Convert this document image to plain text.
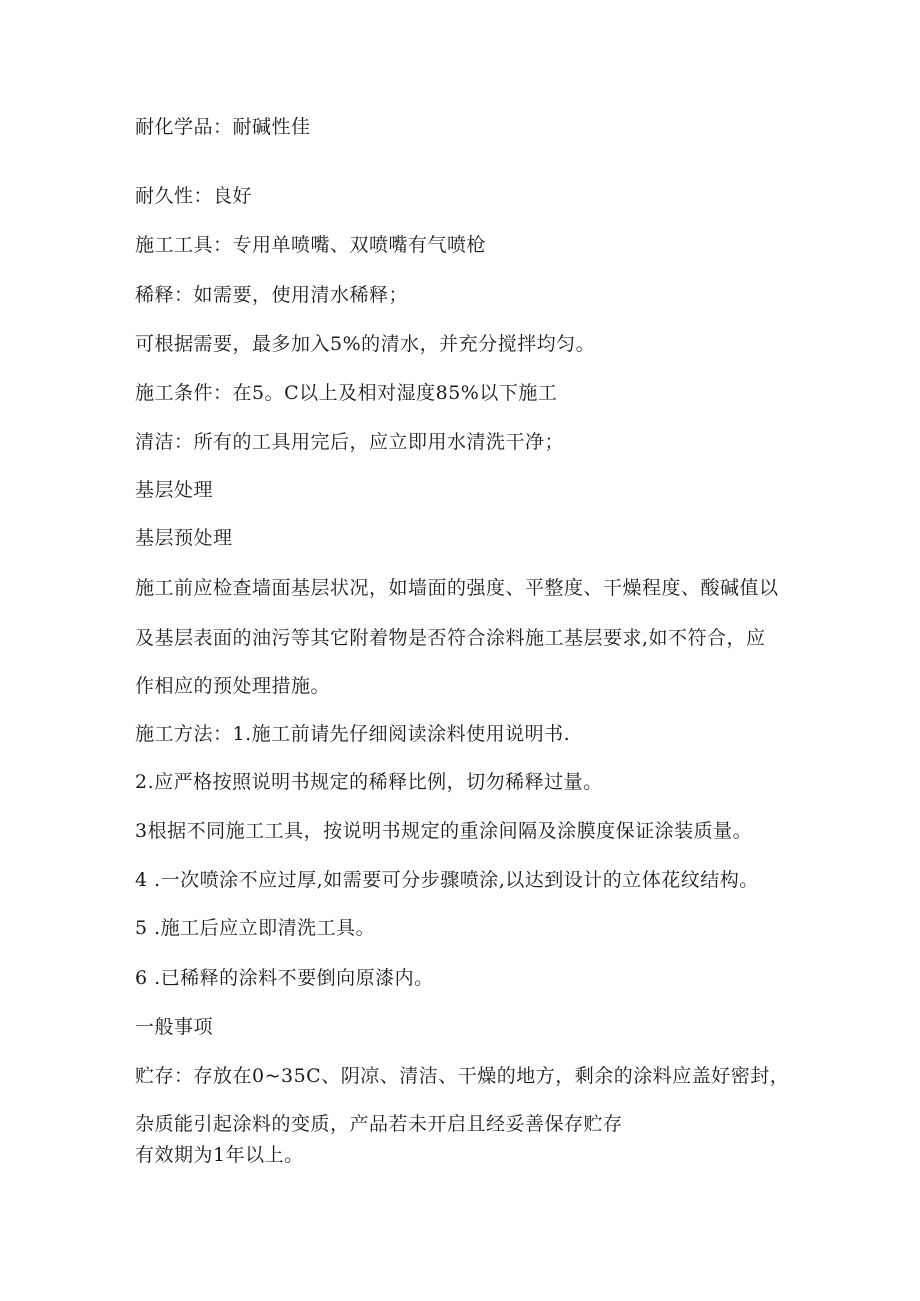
耐化学品：耐碱性佳
耐久性：良好
施工工具：专用单喷嘴、双喷嘴有气喷枪
稀释：如需要，使用清水稀释；
可根据需要，最多加入5%的清水，并充分搅拌均匀。
施工条件：在5。C以上及相对湿度85%以下施工
清洁：所有的工具用完后，应立即用水清洗干净；
基层处理
基层预处理
施工前应检查墙面基层状况，如墙面的强度、平整度、干燥程度、酸碱值以
及基层表面的油污等其它附着物是否符合涂料施工基层要求,如不符合，应
作相应的预处理措施。
施工方法：1.施工前请先仔细阅读涂料使用说明书.
2.应严格按照说明书规定的稀释比例，切勿稀释过量。
3根据不同施工工具，按说明书规定的重涂间隔及涂膜度保证涂装质量。
4 .一次喷涂不应过厚,如需要可分步骤喷涂,以达到设计的立体花纹结构。
5 .施工后应立即清洗工具。
6 .已稀释的涂料不要倒向原漆内。
一般事项
贮存：存放在0~35C、阴凉、清洁、干燥的地方，剩余的涂料应盖好密封，
杂质能引起涂料的变质，产品若未开启且经妥善保存贮存
有效期为1年以上。
